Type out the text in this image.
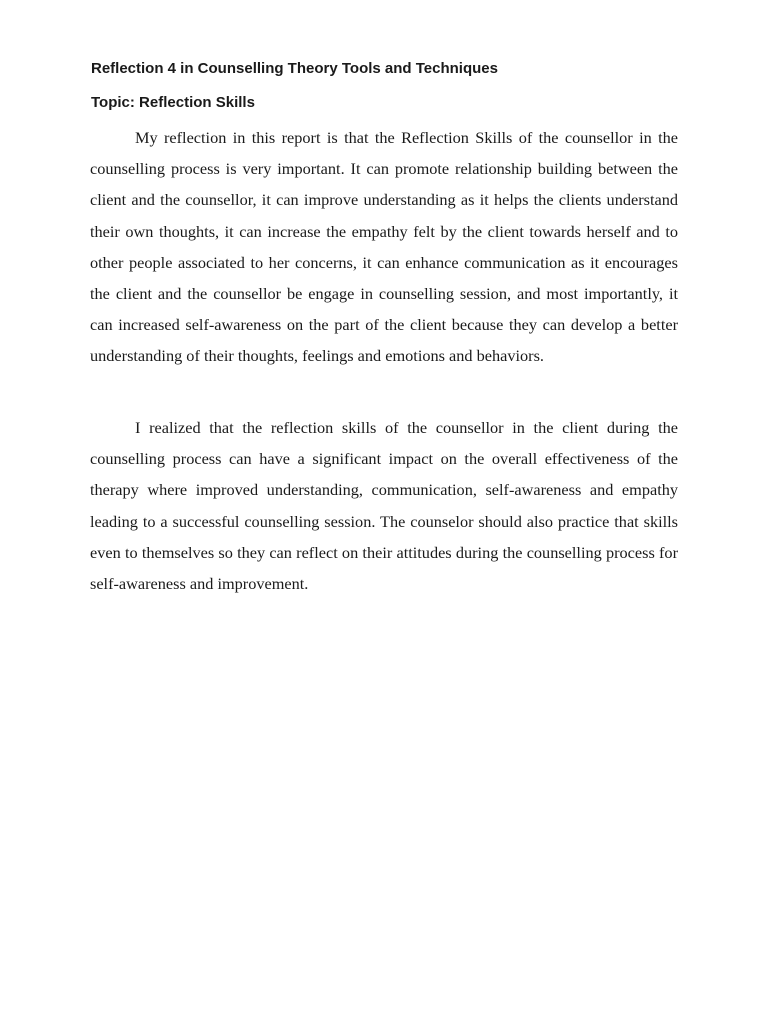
Reflection 4 in Counselling Theory Tools and Techniques
Topic: Reflection Skills

My reflection in this report is that the Reflection Skills of the counsellor in the counselling process is very important. It can promote relationship building between the client and the counsellor, it can improve understanding as it helps the clients understand their own thoughts, it can increase the empathy felt by the client towards herself and to other people associated to her concerns, it can enhance communication as it encourages the client and the counsellor be engage in counselling session, and most importantly, it can increased self-awareness on the part of the client because they can develop a better understanding of their thoughts, feelings and emotions and behaviors.

I realized that the reflection skills of the counsellor in the client during the counselling process can have a significant impact on the overall effectiveness of the therapy where improved understanding, communication, self-awareness and empathy leading to a successful counselling session. The counselor should also practice that skills even to themselves so they can reflect on their attitudes during the counselling process for self-awareness and improvement.
